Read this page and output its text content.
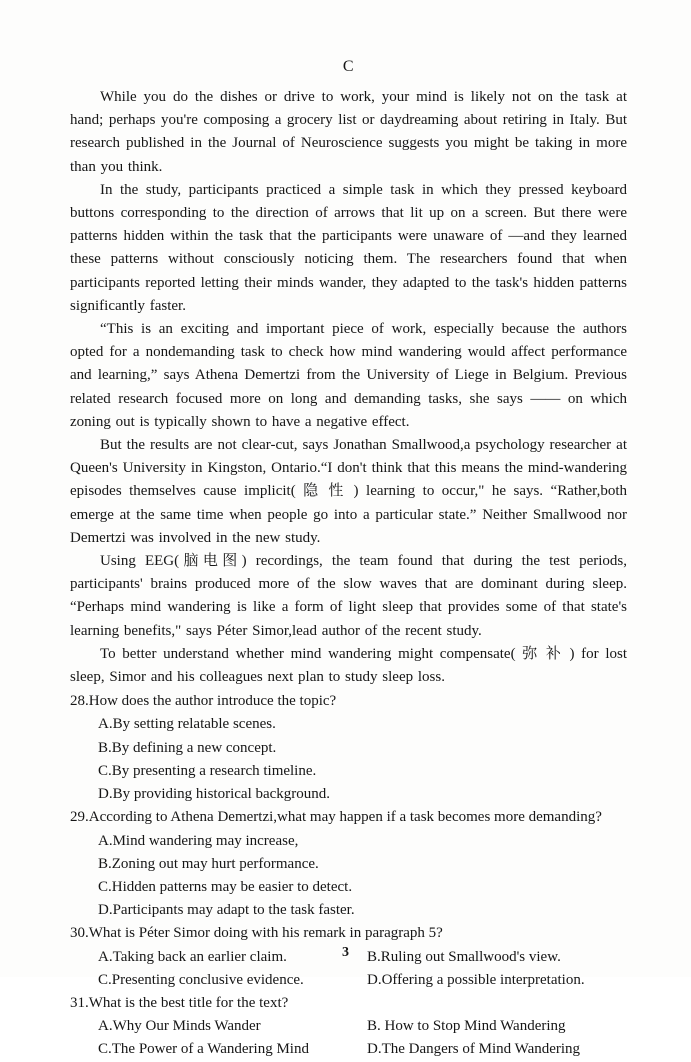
C

While you do the dishes or drive to work, your mind is likely not on the task at hand; perhaps you're composing a grocery list or daydreaming about retiring in Italy. But research published in the Journal of Neuroscience suggests you might be taking in more than you think.

In the study, participants practiced a simple task in which they pressed keyboard buttons corresponding to the direction of arrows that lit up on a screen. But there were patterns hidden within the task that the participants were unaware of —and they learned these patterns without consciously noticing them. The researchers found that when participants reported letting their minds wander, they adapted to the task's hidden patterns significantly faster.

“This is an exciting and important piece of work, especially because the authors opted for a nondemanding task to check how mind wandering would affect performance and learning,” says Athena Demertzi from the University of Liege in Belgium. Previous related research focused more on long and demanding tasks, she says —— on which zoning out is typically shown to have a negative effect.

But the results are not clear-cut, says Jonathan Smallwood,a psychology researcher at Queen's University in Kingston, Ontario.“I don't think that this means the mind-wandering episodes themselves cause implicit( 隐 性 ) learning to occur," he says. “Rather,both emerge at the same time when people go into a particular state.” Neither Smallwood nor Demertzi was involved in the new study.

Using EEG(脑电图) recordings, the team found that during the test periods, participants' brains produced more of the slow waves that are dominant during sleep. “Perhaps mind wandering is like a form of light sleep that provides some of that state's learning benefits," says Péter Simor,lead author of the recent study.

To better understand whether mind wandering might compensate( 弥 补 ) for lost sleep, Simor and his colleagues next plan to study sleep loss.

28.How does the author introduce the topic?
A.By setting relatable scenes.
B.By defining a new concept.
C.By presenting a research timeline.
D.By providing historical background.
29.According to Athena Demertzi,what may happen if a task becomes more demanding?
A.Mind wandering may increase,
B.Zoning out may hurt performance.
C.Hidden patterns may be easier to detect.
D.Participants may adapt to the task faster.
30.What is Péter Simor doing with his remark in paragraph 5?
A.Taking back an earlier claim.	B.Ruling out Smallwood's view.
C.Presenting conclusive evidence.	D.Offering a possible interpretation.
31.What is the best title for the text?
A.Why Our Minds Wander	B. How to Stop Mind Wandering
C.The Power of a Wandering Mind	D.The Dangers of Mind Wandering
3
